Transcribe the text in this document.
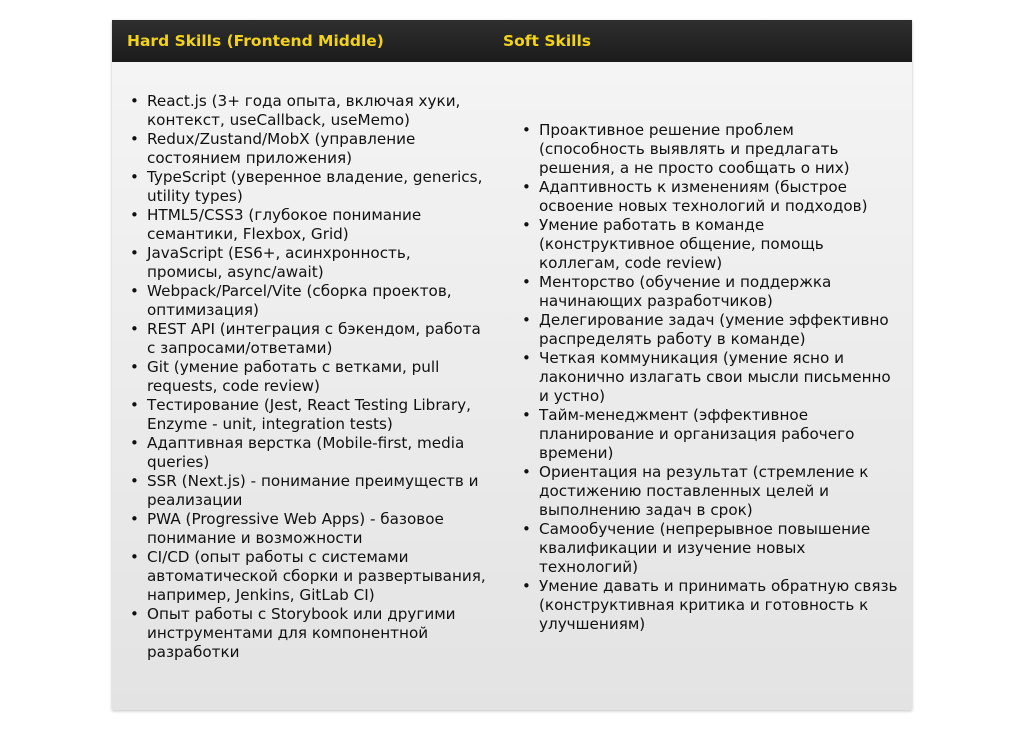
Hard Skills (Frontend Middle)	Soft Skills
• React.js (3+ года опыта, включая хуки, контекст, useCallback, useMemo)
• Redux/Zustand/MobX (управление состоянием приложения)
• TypeScript (уверенное владение, generics, utility types)
• HTML5/CSS3 (глубокое понимание семантики, Flexbox, Grid)
• JavaScript (ES6+, асинхронность, промисы, async/await)
• Webpack/Parcel/Vite (сборка проектов, оптимизация)
• REST API (интеграция с бэкендом, работа с запросами/ответами)
• Git (умение работать с ветками, pull requests, code review)
• Тестирование (Jest, React Testing Library, Enzyme - unit, integration tests)
• Адаптивная верстка (Mobile-first, media queries)
• SSR (Next.js) - понимание преимуществ и реализации
• PWA (Progressive Web Apps) - базовое понимание и возможности
• CI/CD (опыт работы с системами автоматической сборки и развертывания, например, Jenkins, GitLab CI)
• Опыт работы с Storybook или другими инструментами для компонентной разработки
• Проактивное решение проблем (способность выявлять и предлагать решения, а не просто сообщать о них)
• Адаптивность к изменениям (быстрое освоение новых технологий и подходов)
• Умение работать в команде (конструктивное общение, помощь коллегам, code review)
• Менторство (обучение и поддержка начинающих разработчиков)
• Делегирование задач (умение эффективно распределять работу в команде)
• Четкая коммуникация (умение ясно и лаконично излагать свои мысли письменно и устно)
• Тайм-менеджмент (эффективное планирование и организация рабочего времени)
• Ориентация на результат (стремление к достижению поставленных целей и выполнению задач в срок)
• Самообучение (непрерывное повышение квалификации и изучение новых технологий)
• Умение давать и принимать обратную связь (конструктивная критика и готовность к улучшениям)
